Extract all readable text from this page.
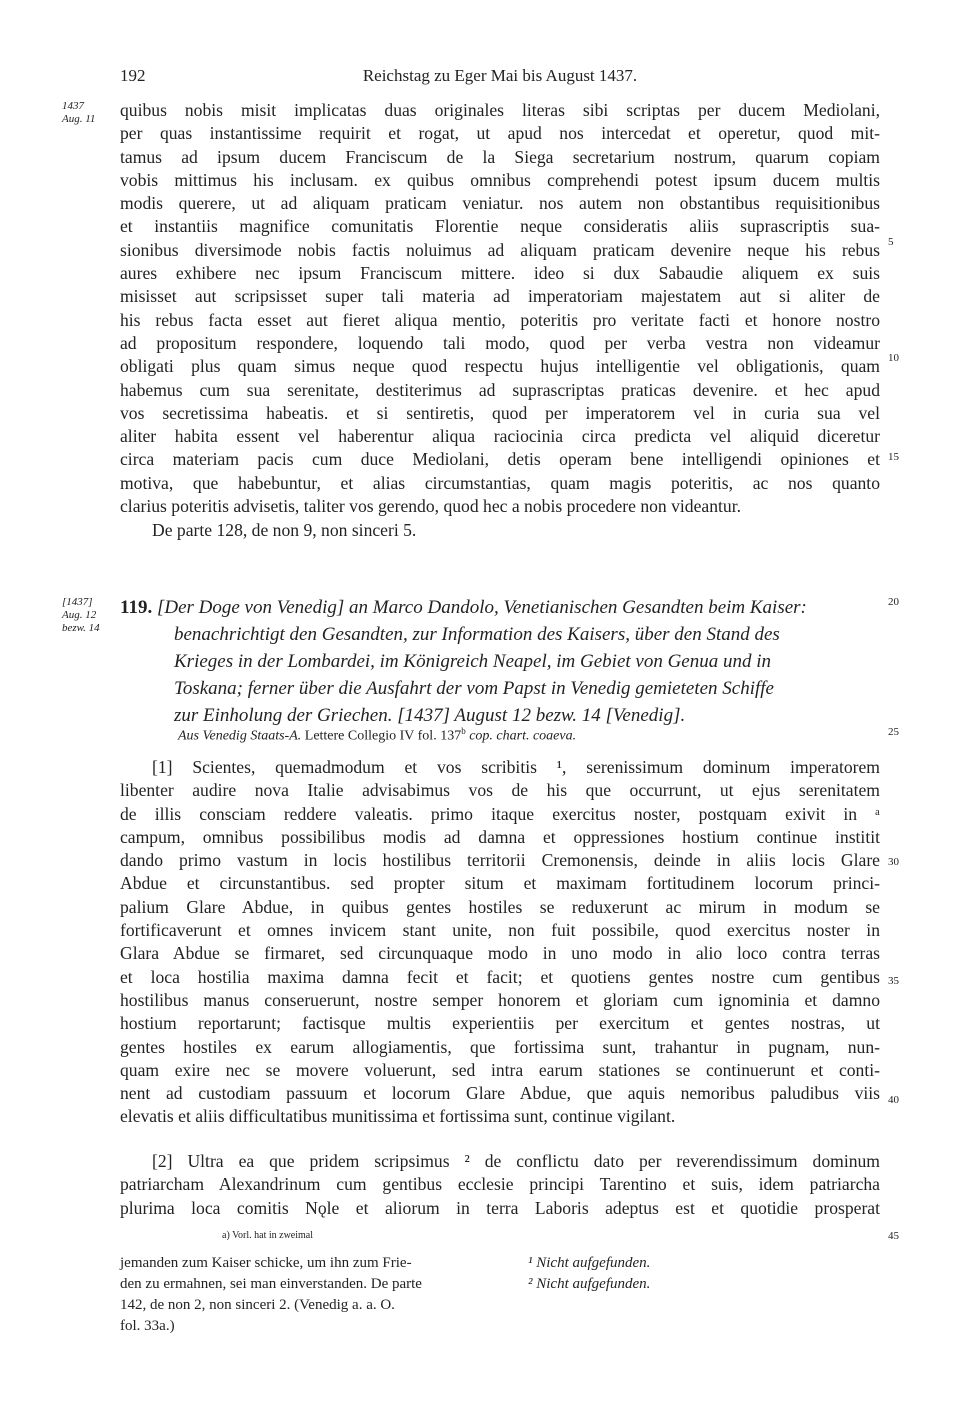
192	Reichstag zu Eger Mai bis August 1437.
1437
Aug. 11
[1437]
Aug. 12
bezw. 14
5
10
15
20
25
30
35
40
45
quibus nobis misit implicatas duas originales literas sibi scriptas per ducem Mediolani,
per quas instantissime requirit et rogat, ut apud nos intercedat et operetur, quod mit-
tamus ad ipsum ducem Franciscum de la Siega secretarium nostrum, quarum copiam
vobis mittimus his inclusam. ex quibus omnibus comprehendi potest ipsum ducem multis
modis querere, ut ad aliquam praticam veniatur. nos autem non obstantibus requisitionibus
et instantiis magnifice comunitatis Florentie neque consideratis aliis suprascriptis sua-
sionibus diversimode nobis factis noluimus ad aliquam praticam devenire neque his rebus
aures exhibere nec ipsum Franciscum mittere. ideo si dux Sabaudie aliquem ex suis
misisset aut scripsisset super tali materia ad imperatoriam majestatem aut si aliter de
his rebus facta esset aut fieret aliqua mentio, poteritis pro veritate facti et honore nostro
ad propositum respondere, loquendo tali modo, quod per verba vestra non videamur
obligati plus quam simus neque quod respectu hujus intelligentie vel obligationis, quam
habemus cum sua serenitate, destiterimus ad suprascriptas praticas devenire. et hec apud
vos secretissima habeatis. et si sentiretis, quod per imperatorem vel in curia sua vel
aliter habita essent vel haberentur aliqua raciocinia circa predicta vel aliquid diceretur
circa materiam pacis cum duce Mediolani, detis operam bene intelligendi opiniones et
motiva, que habebuntur, et alias circumstantias, quam magis poteritis, ac nos quanto
clarius poteritis advisetis, taliter vos gerendo, quod hec a nobis procedere non videantur.
De parte 128, de non 9, non sinceri 5.
119. [Der Doge von Venedig] an Marco Dandolo, Venetianischen Gesandten beim Kaiser:
benachrichtigt den Gesandten, zur Information des Kaisers, über den Stand des
Krieges in der Lombardei, im Königreich Neapel, im Gebiet von Genua und in
Toskana; ferner über die Ausfahrt der vom Papst in Venedig gemieteten Schiffe
zur Einholung der Griechen. [1437] August 12 bezw. 14 [Venedig].
Aus Venedig Staats-A. Lettere Collegio IV fol. 137$^b$ cop. chart. coaeva.
[1] Scientes, quemadmodum et vos scribitis ¹, serenissimum dominum imperatorem
libenter audire nova Italie advisabimus vos de his que occurrunt, ut ejus serenitatem
de illis consciam reddere valeatis. primo itaque exercitus noster, postquam exivit in ᵃ
campum, omnibus possibilibus modis ad damna et oppressiones hostium continue institit
dando primo vastum in locis hostilibus territorii Cremonensis, deinde in aliis locis Glare
Abdue et circunstantibus. sed propter situm et maximam fortitudinem locorum princi-
palium Glare Abdue, in quibus gentes hostiles se reduxerunt ac mirum in modum se
fortificaverunt et omnes invicem stant unite, non fuit possibile, quod exercitus noster in
Glara Abdue se firmaret, sed circunquaque modo in uno modo in alio loco contra terras
et loca hostilia maxima damna fecit et facit; et quotiens gentes nostre cum gentibus
hostilibus manus conseruerunt, nostre semper honorem et gloriam cum ignominia et damno
hostium reportarunt; factisque multis experientiis per exercitum et gentes nostras, ut
gentes hostiles ex earum allogiamentis, que fortissima sunt, trahantur in pugnam, nun-
quam exire nec se movere voluerunt, sed intra earum stationes se continuerunt et conti-
nent ad custodiam passuum et locorum Glare Abdue, que aquis nemoribus paludibus viis
elevatis et aliis difficultatibus munitissima et fortissima sunt, continue vigilant.
[2] Ultra ea que pridem scripsimus ² de conflictu dato per reverendissimum dominum
patriarcham Alexandrinum cum gentibus ecclesie principi Tarentino et suis, idem patriarcha
plurima loca comitis Nǫle et aliorum in terra Laboris adeptus est et quotidie prosperat
a) Vorl. hat in zweimal
jemanden zum Kaiser schicke, um ihn zum Frie-
den zu ermahnen, sei man einverstanden. De parte
142, de non 2, non sinceri 2. (Venedig a. a. O.
fol. 33a.)
¹ Nicht aufgefunden.
² Nicht aufgefunden.
